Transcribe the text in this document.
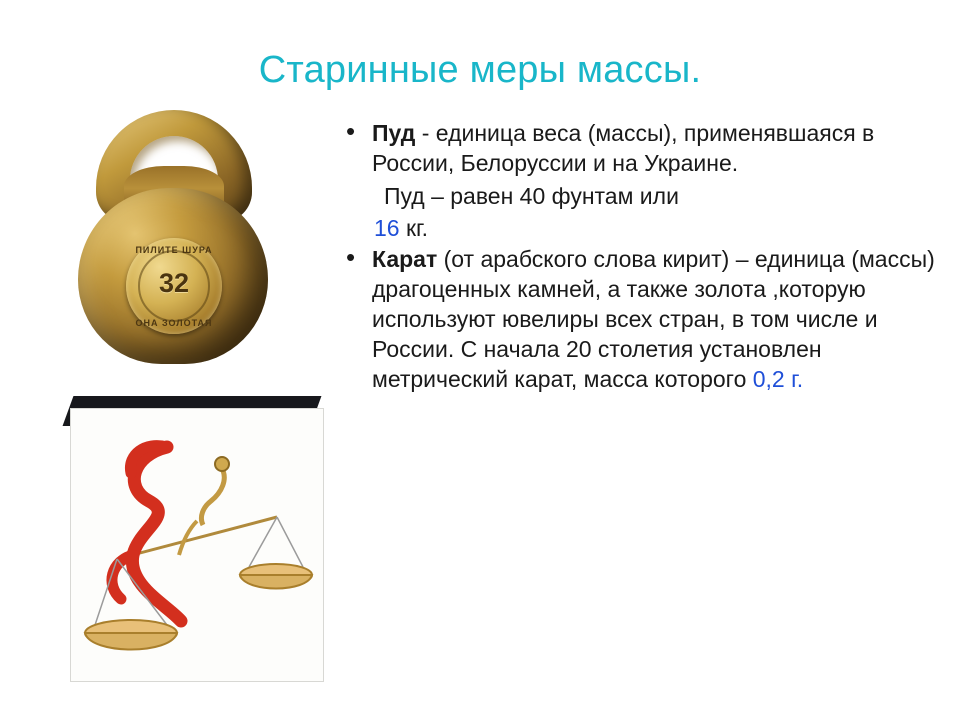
Старинные меры массы.
ПИЛИТЕ ШУРА
32
ОНА ЗОЛОТАЯ
• Пуд - единица веса (массы), применявшаяся в России, Белоруссии и на Украине.

Пуд – равен 40 фунтам или

16 кг.

• Карат (от арабского слова кирит) – единица (массы) драгоценных камней, а также золота ,которую используют ювелиры всех стран, в том числе и России. С начала 20 столетия установлен метрический карат, масса которого 0,2 г.
